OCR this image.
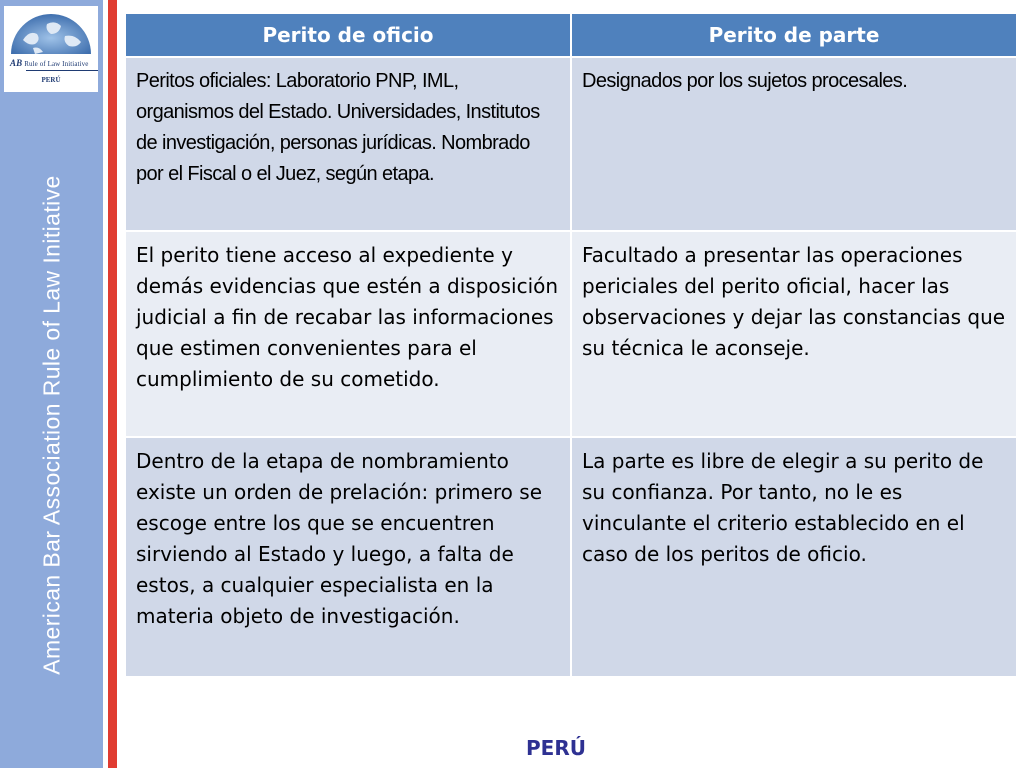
AB Rule of Law Initiative
PERÚ
American Bar Association Rule of Law Initiative
Perito de oficio	Perito de parte
Peritos oficiales: Laboratorio PNP, IML, organismos del Estado. Universidades, Institutos de investigación, personas jurídicas. Nombrado por el Fiscal o el Juez, según etapa.	Designados por los sujetos procesales.
El perito tiene acceso al expediente y demás evidencias que estén a disposición judicial a fin de recabar las informaciones que estimen convenientes para el cumplimiento de su cometido.	Facultado a presentar las operaciones periciales del perito oficial, hacer las observaciones y dejar las constancias que su técnica le aconseje.
Dentro de la etapa de nombramiento existe un orden de prelación: primero se escoge entre los que se encuentren sirviendo al Estado y luego, a falta de estos, a cualquier especialista en la materia objeto de investigación.	La parte es libre de elegir a su perito de su confianza. Por tanto, no le es vinculante el criterio establecido en el caso de los peritos de oficio.
PERÚ
